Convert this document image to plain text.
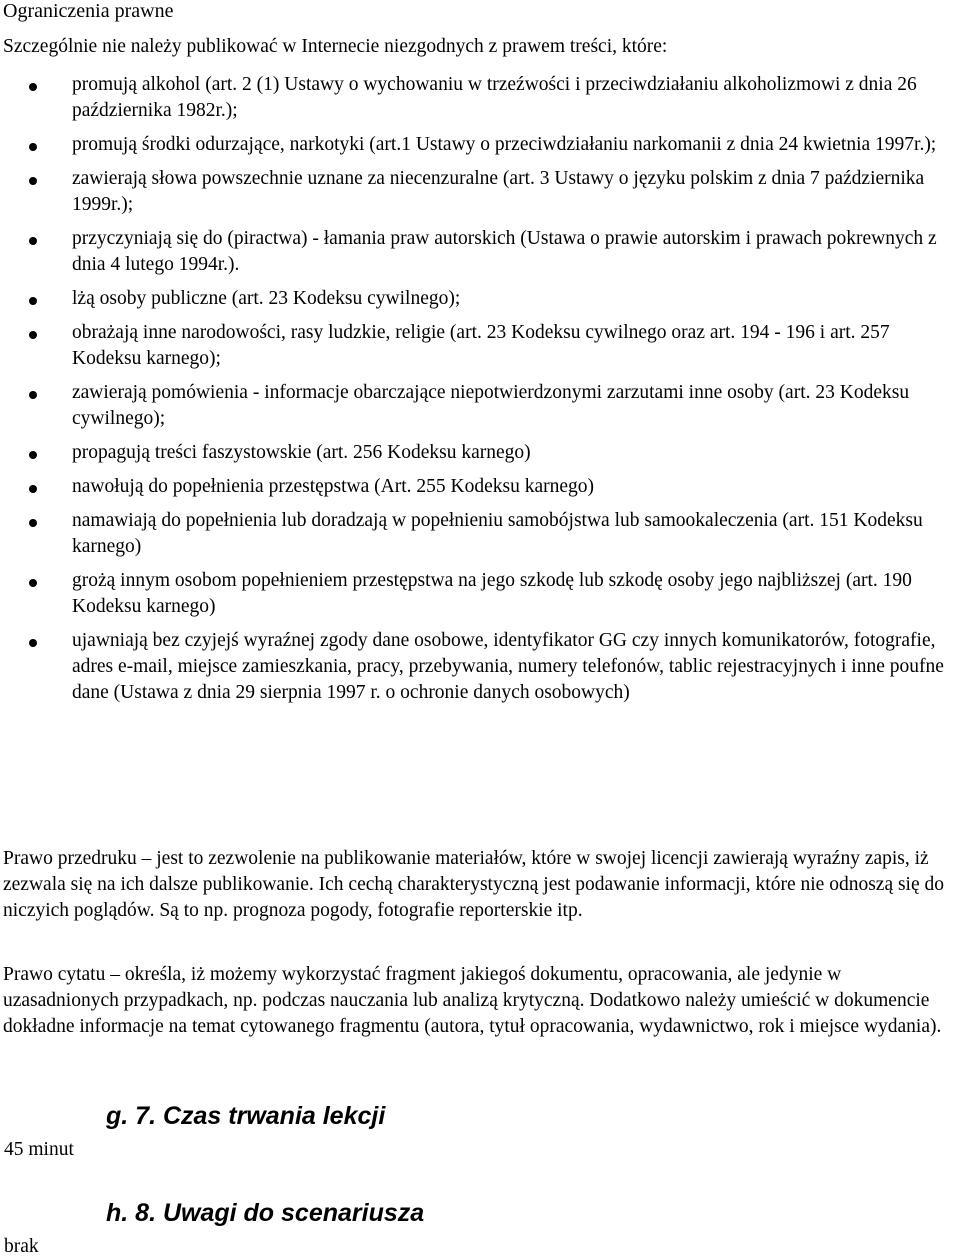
Ograniczenia prawne

Szczególnie nie należy publikować w Internecie niezgodnych z prawem treści, które:

promują alkohol (art. 2 (1) Ustawy o wychowaniu w trzeźwości i przeciwdziałaniu alkoholizmowi z dnia 26 października 1982r.);
promują środki odurzające, narkotyki (art.1 Ustawy o przeciwdziałaniu narkomanii z dnia 24 kwietnia 1997r.);
zawierają słowa powszechnie uznane za niecenzuralne (art. 3 Ustawy o języku polskim z dnia 7 października 1999r.);
przyczyniają się do (piractwa) - łamania praw autorskich (Ustawa o prawie autorskim i prawach pokrewnych z dnia 4 lutego 1994r.).
lżą osoby publiczne (art. 23 Kodeksu cywilnego);
obrażają inne narodowości, rasy ludzkie, religie (art. 23 Kodeksu cywilnego oraz art. 194 - 196 i art. 257 Kodeksu karnego);
zawierają pomówienia - informacje obarczające niepotwierdzonymi zarzutami inne osoby (art. 23 Kodeksu cywilnego);
propagują treści faszystowskie (art. 256 Kodeksu karnego)
nawołują do popełnienia przestępstwa (Art. 255 Kodeksu karnego)
namawiają do popełnienia lub doradzają w popełnieniu samobójstwa lub samookaleczenia (art. 151 Kodeksu karnego)
grożą innym osobom popełnieniem przestępstwa na jego szkodę lub szkodę osoby jego najbliższej (art. 190 Kodeksu karnego)
ujawniają bez czyjejś wyraźnej zgody dane osobowe, identyfikator GG czy innych komunikatorów, fotografie, adres e-mail, miejsce zamieszkania, pracy, przebywania, numery telefonów, tablic rejestracyjnych i inne poufne dane (Ustawa z dnia 29 sierpnia 1997 r. o ochronie danych osobowych)

Prawo przedruku – jest to zezwolenie na publikowanie materiałów, które w swojej licencji zawierają wyraźny zapis, iż zezwala się na ich dalsze publikowanie. Ich cechą charakterystyczną jest podawanie informacji, które nie odnoszą się do niczyich poglądów. Są to np. prognoza pogody, fotografie reporterskie itp.

Prawo cytatu – określa, iż możemy wykorzystać fragment jakiegoś dokumentu, opracowania, ale jedynie w uzasadnionych przypadkach, np. podczas nauczania lub analizą krytyczną. Dodatkowo należy umieścić w dokumencie dokładne informacje na temat cytowanego fragmentu (autora, tytuł opracowania, wydawnictwo, rok i miejsce wydania).

g. 7. Czas trwania lekcji

45 minut

h. 8. Uwagi do scenariusza

brak
